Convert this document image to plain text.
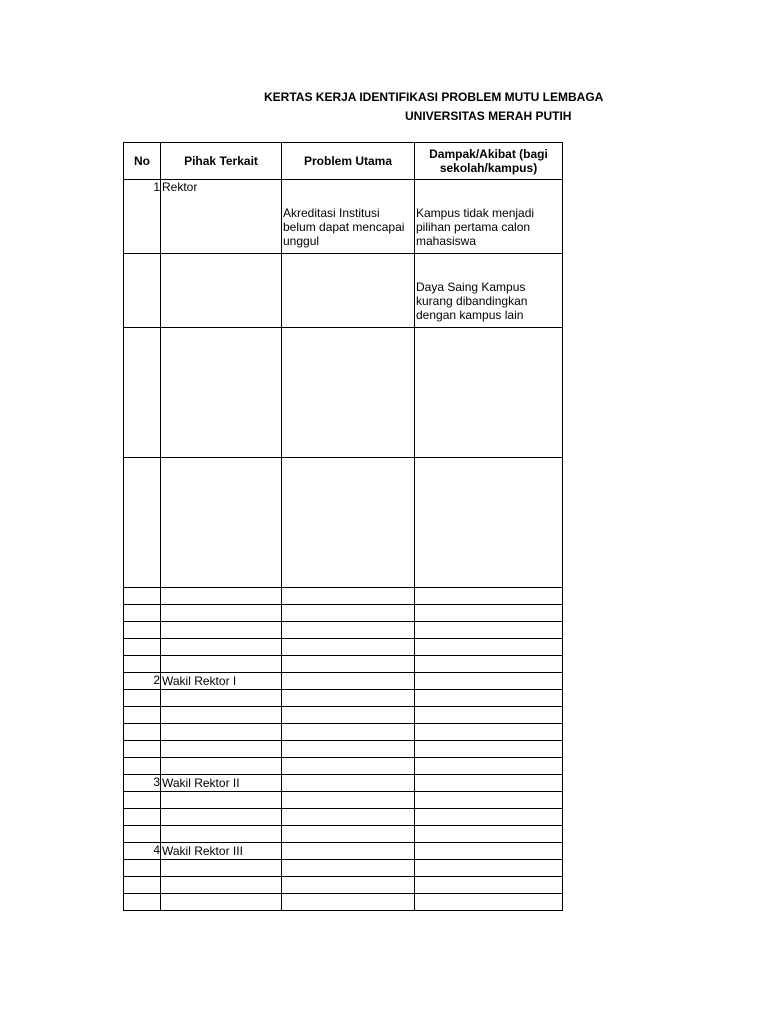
KERTAS KERJA IDENTIFIKASI PROBLEM MUTU LEMBAGA
UNIVERSITAS MERAH PUTIH
No	Pihak Terkait	Problem Utama	Dampak/Akibat (bagi sekolah/kampus)
1	Rektor	Akreditasi Institusi belum dapat mencapai unggul	Kampus tidak menjadi pilihan pertama calon mahasiswa
			Daya Saing Kampus kurang dibandingkan dengan kampus lain

2	Wakil Rektor I		

3	Wakil Rektor II		

4	Wakil Rektor III		
